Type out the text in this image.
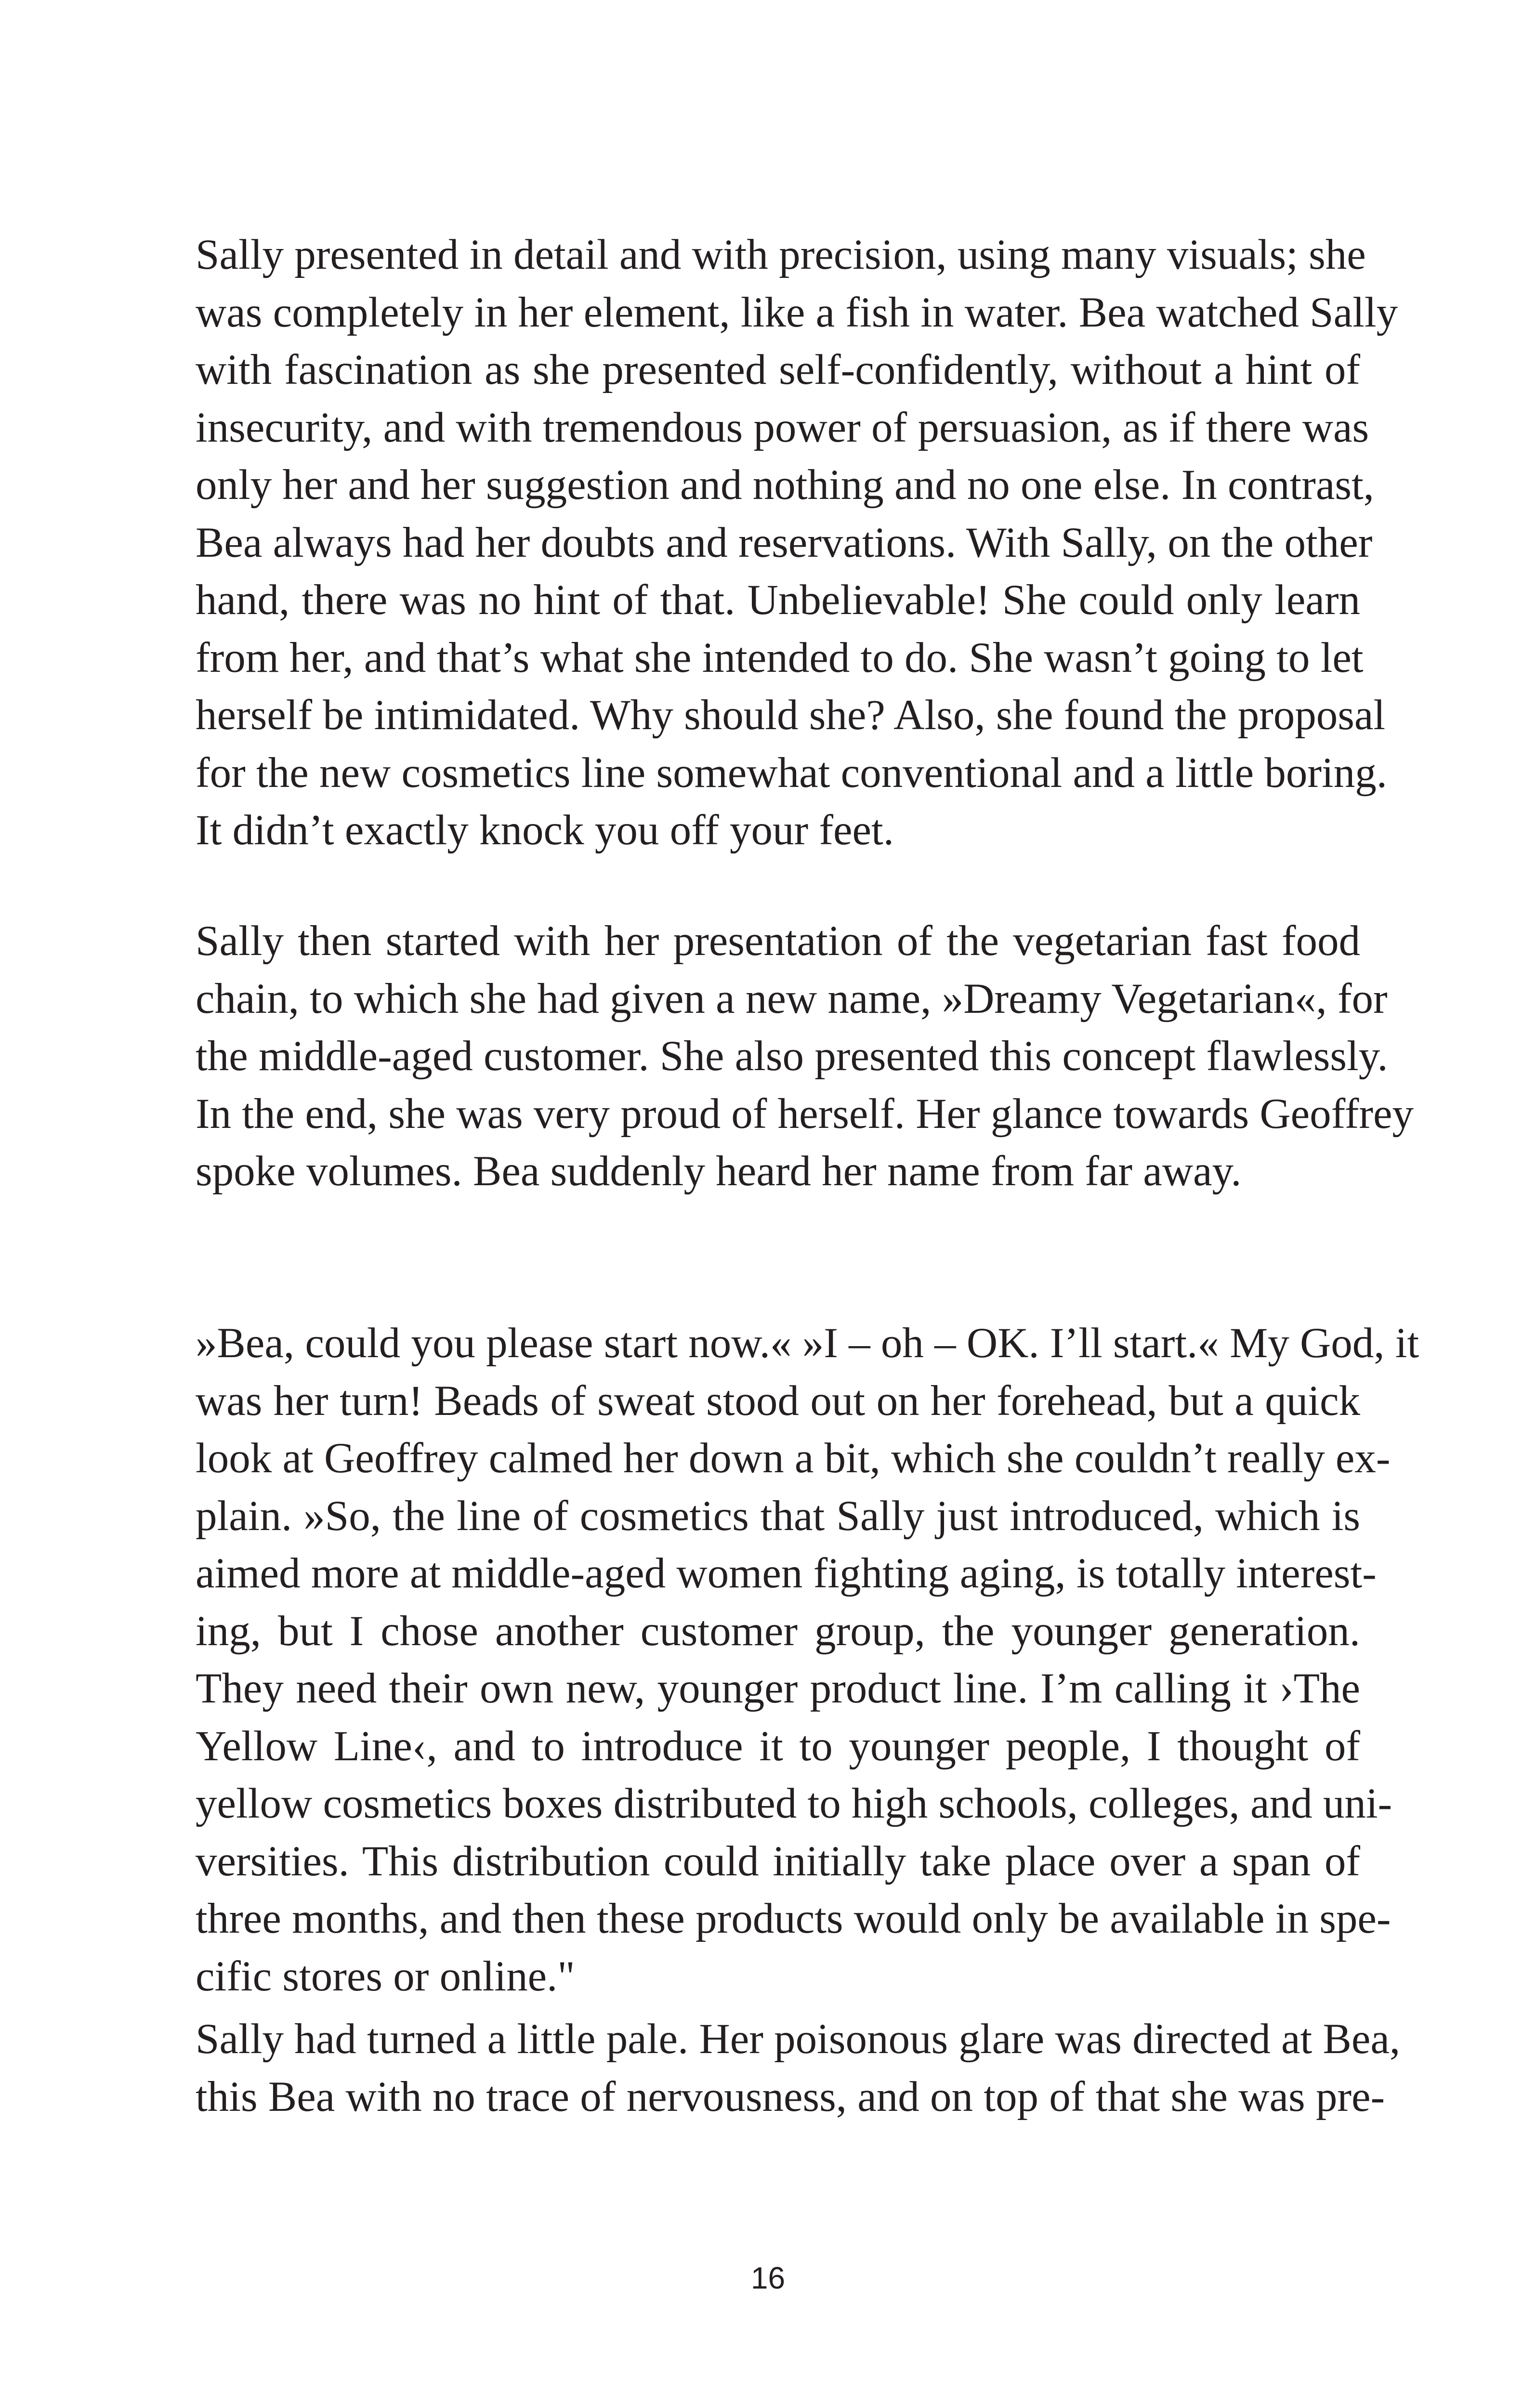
Sally presented in detail and with precision, using many visuals; she
was completely in her element, like a fish in water. Bea watched Sally
with fascination as she presented self-confidently, without a hint of
insecurity, and with tremendous power of persuasion, as if there was
only her and her suggestion and nothing and no one else. In contrast,
Bea always had her doubts and reservations. With Sally, on the other
hand, there was no hint of that. Unbelievable! She could only learn
from her, and that’s what she intended to do. She wasn’t going to let
herself be intimidated. Why should she? Also, she found the proposal
for the new cosmetics line somewhat conventional and a little boring.
It didn’t exactly knock you off your feet.
Sally then started with her presentation of the vegetarian fast food
chain, to which she had given a new name, »Dreamy Vegetarian«, for
the middle-aged customer. She also presented this concept flawlessly.
In the end, she was very proud of herself. Her glance towards Geoffrey
spoke volumes. Bea suddenly heard her name from far away.
»Bea, could you please start now.« »I – oh – OK. I’ll start.« My God, it
was her turn! Beads of sweat stood out on her forehead, but a quick
look at Geoffrey calmed her down a bit, which she couldn’t really ex-
plain. »So, the line of cosmetics that Sally just introduced, which is
aimed more at middle-aged women fighting aging, is totally interest-
ing, but I chose another customer group, the younger generation.
They need their own new, younger product line. I’m calling it ›The
Yellow Line‹, and to introduce it to younger people, I thought of
yellow cosmetics boxes distributed to high schools, colleges, and uni-
versities. This distribution could initially take place over a span of
three months, and then these products would only be available in spe-
cific stores or online."
Sally had turned a little pale. Her poisonous glare was directed at Bea,
this Bea with no trace of nervousness, and on top of that she was pre-
16
